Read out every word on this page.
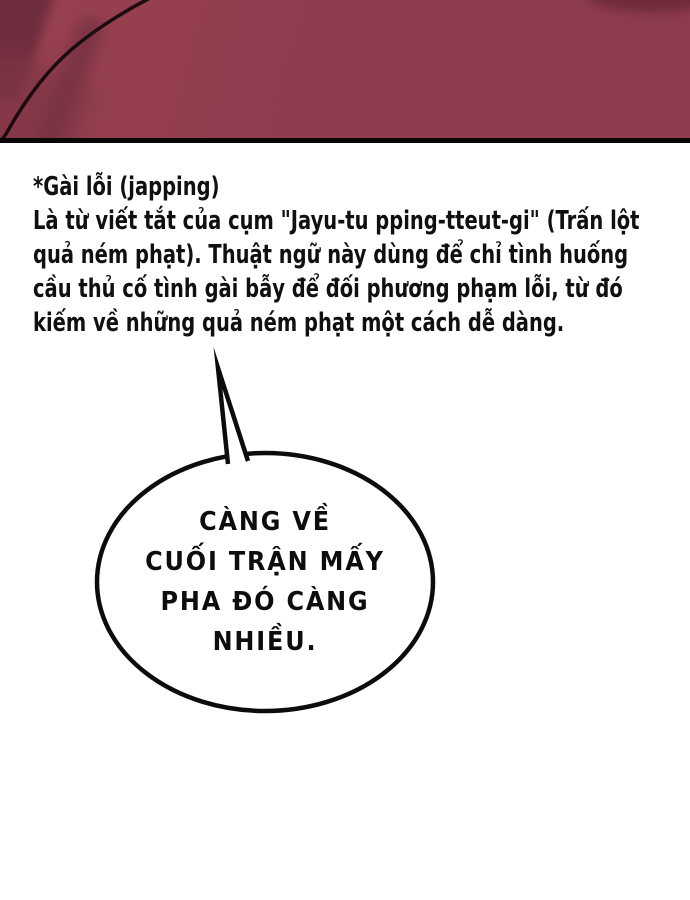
*Gài lỗi (japping)
Là từ viết tắt của cụm "Jayu-tu pping-tteut-gi" (Trấn lột
quả ném phạt). Thuật ngữ này dùng để chỉ tình huống
cầu thủ cố tình gài bẫy để đối phương phạm lỗi, từ đó
kiếm về những quả ném phạt một cách dễ dàng.
CÀNG VỀ
CUỐI TRẬN MẤY
PHA ĐÓ CÀNG
NHIỀU.
